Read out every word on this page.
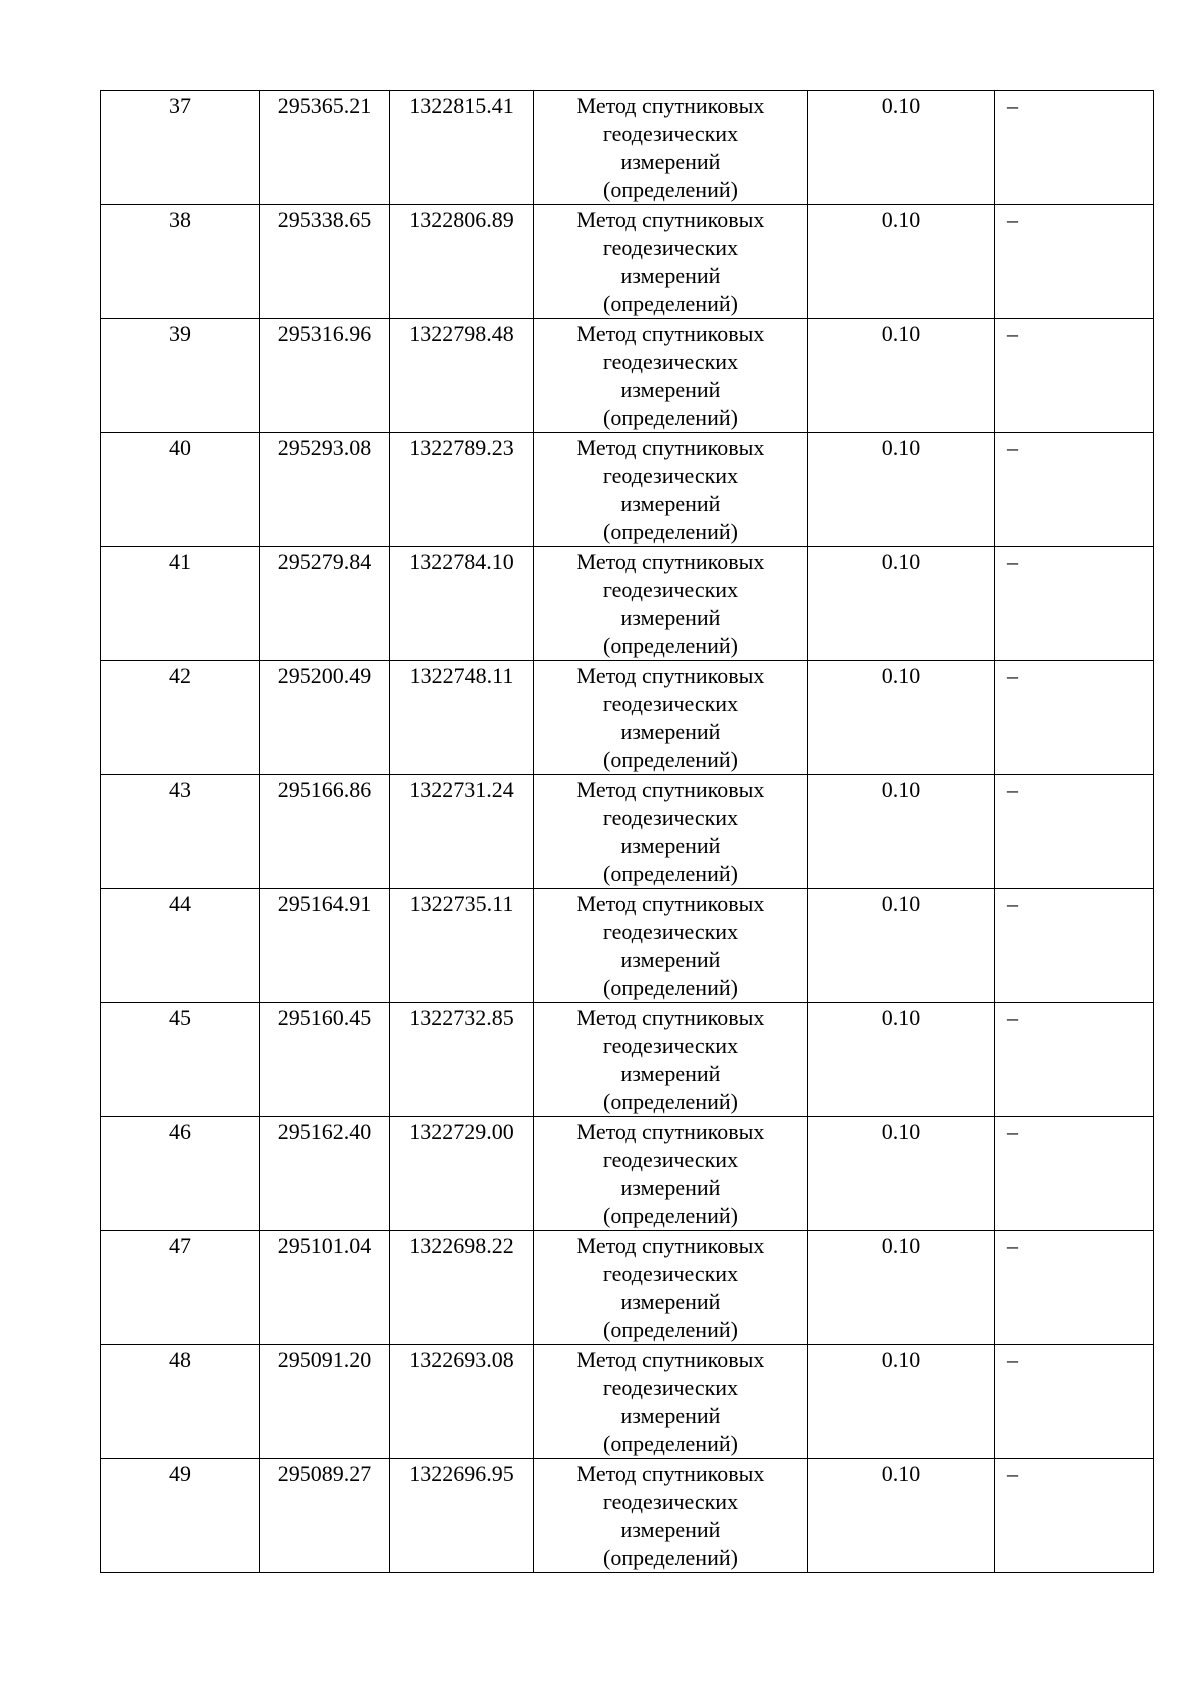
37	295365.21	1322815.41	Метод спутниковых
геодезических
измерений
(определений)	0.10	–
38	295338.65	1322806.89	Метод спутниковых
геодезических
измерений
(определений)	0.10	–
39	295316.96	1322798.48	Метод спутниковых
геодезических
измерений
(определений)	0.10	–
40	295293.08	1322789.23	Метод спутниковых
геодезических
измерений
(определений)	0.10	–
41	295279.84	1322784.10	Метод спутниковых
геодезических
измерений
(определений)	0.10	–
42	295200.49	1322748.11	Метод спутниковых
геодезических
измерений
(определений)	0.10	–
43	295166.86	1322731.24	Метод спутниковых
геодезических
измерений
(определений)	0.10	–
44	295164.91	1322735.11	Метод спутниковых
геодезических
измерений
(определений)	0.10	–
45	295160.45	1322732.85	Метод спутниковых
геодезических
измерений
(определений)	0.10	–
46	295162.40	1322729.00	Метод спутниковых
геодезических
измерений
(определений)	0.10	–
47	295101.04	1322698.22	Метод спутниковых
геодезических
измерений
(определений)	0.10	–
48	295091.20	1322693.08	Метод спутниковых
геодезических
измерений
(определений)	0.10	–
49	295089.27	1322696.95	Метод спутниковых
геодезических
измерений
(определений)	0.10	–
